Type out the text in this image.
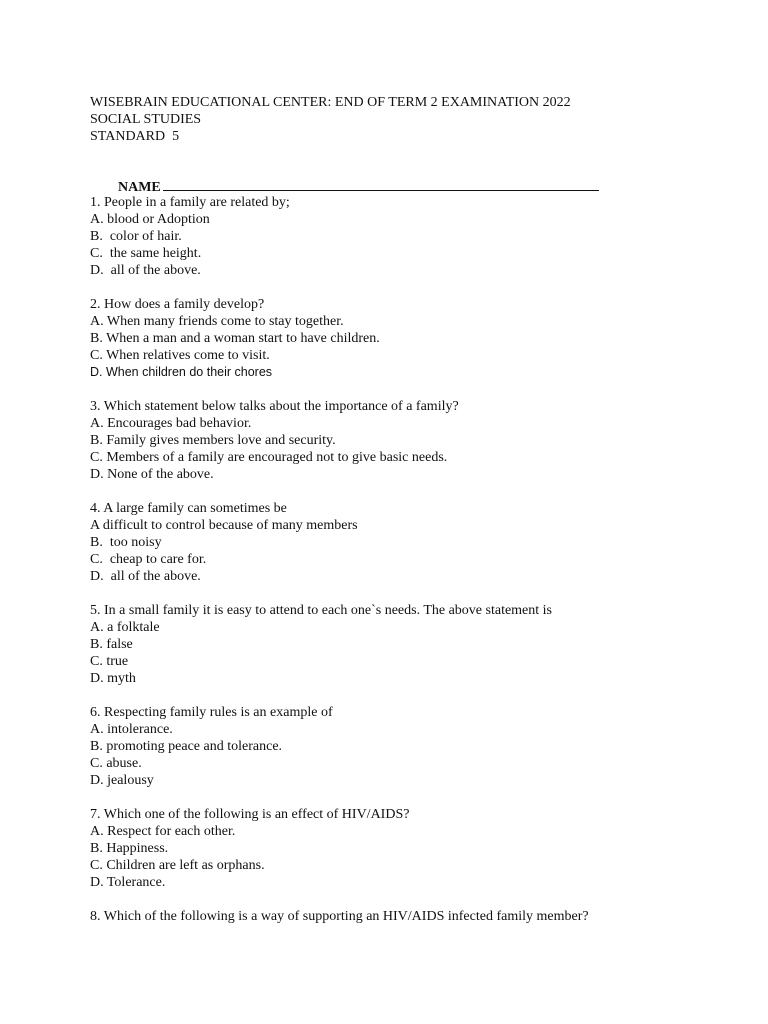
WISEBRAIN EDUCATIONAL CENTER: END OF TERM 2 EXAMINATION 2022
SOCIAL STUDIES
STANDARD  5

NAME

1. People in a family are related by;
A. blood or Adoption
B.  color of hair.
C.  the same height.
D.  all of the above.
2. How does a family develop?
A. When many friends come to stay together.
B. When a man and a woman start to have children.
C. When relatives come to visit.
D. When children do their chores
3. Which statement below talks about the importance of a family?
A. Encourages bad behavior.
B. Family gives members love and security.
C. Members of a family are encouraged not to give basic needs.
D. None of the above.
4. A large family can sometimes be
A difficult to control because of many members
B.  too noisy
C.  cheap to care for.
D.  all of the above.
5. In a small family it is easy to attend to each one`s needs. The above statement is
A. a folktale
B. false
C. true
D. myth
6. Respecting family rules is an example of
A. intolerance.
B. promoting peace and tolerance.
C. abuse.
D. jealousy
7. Which one of the following is an effect of HIV/AIDS?
A. Respect for each other.
B. Happiness.
C. Children are left as orphans.
D. Tolerance.
8. Which of the following is a way of supporting an HIV/AIDS infected family member?
